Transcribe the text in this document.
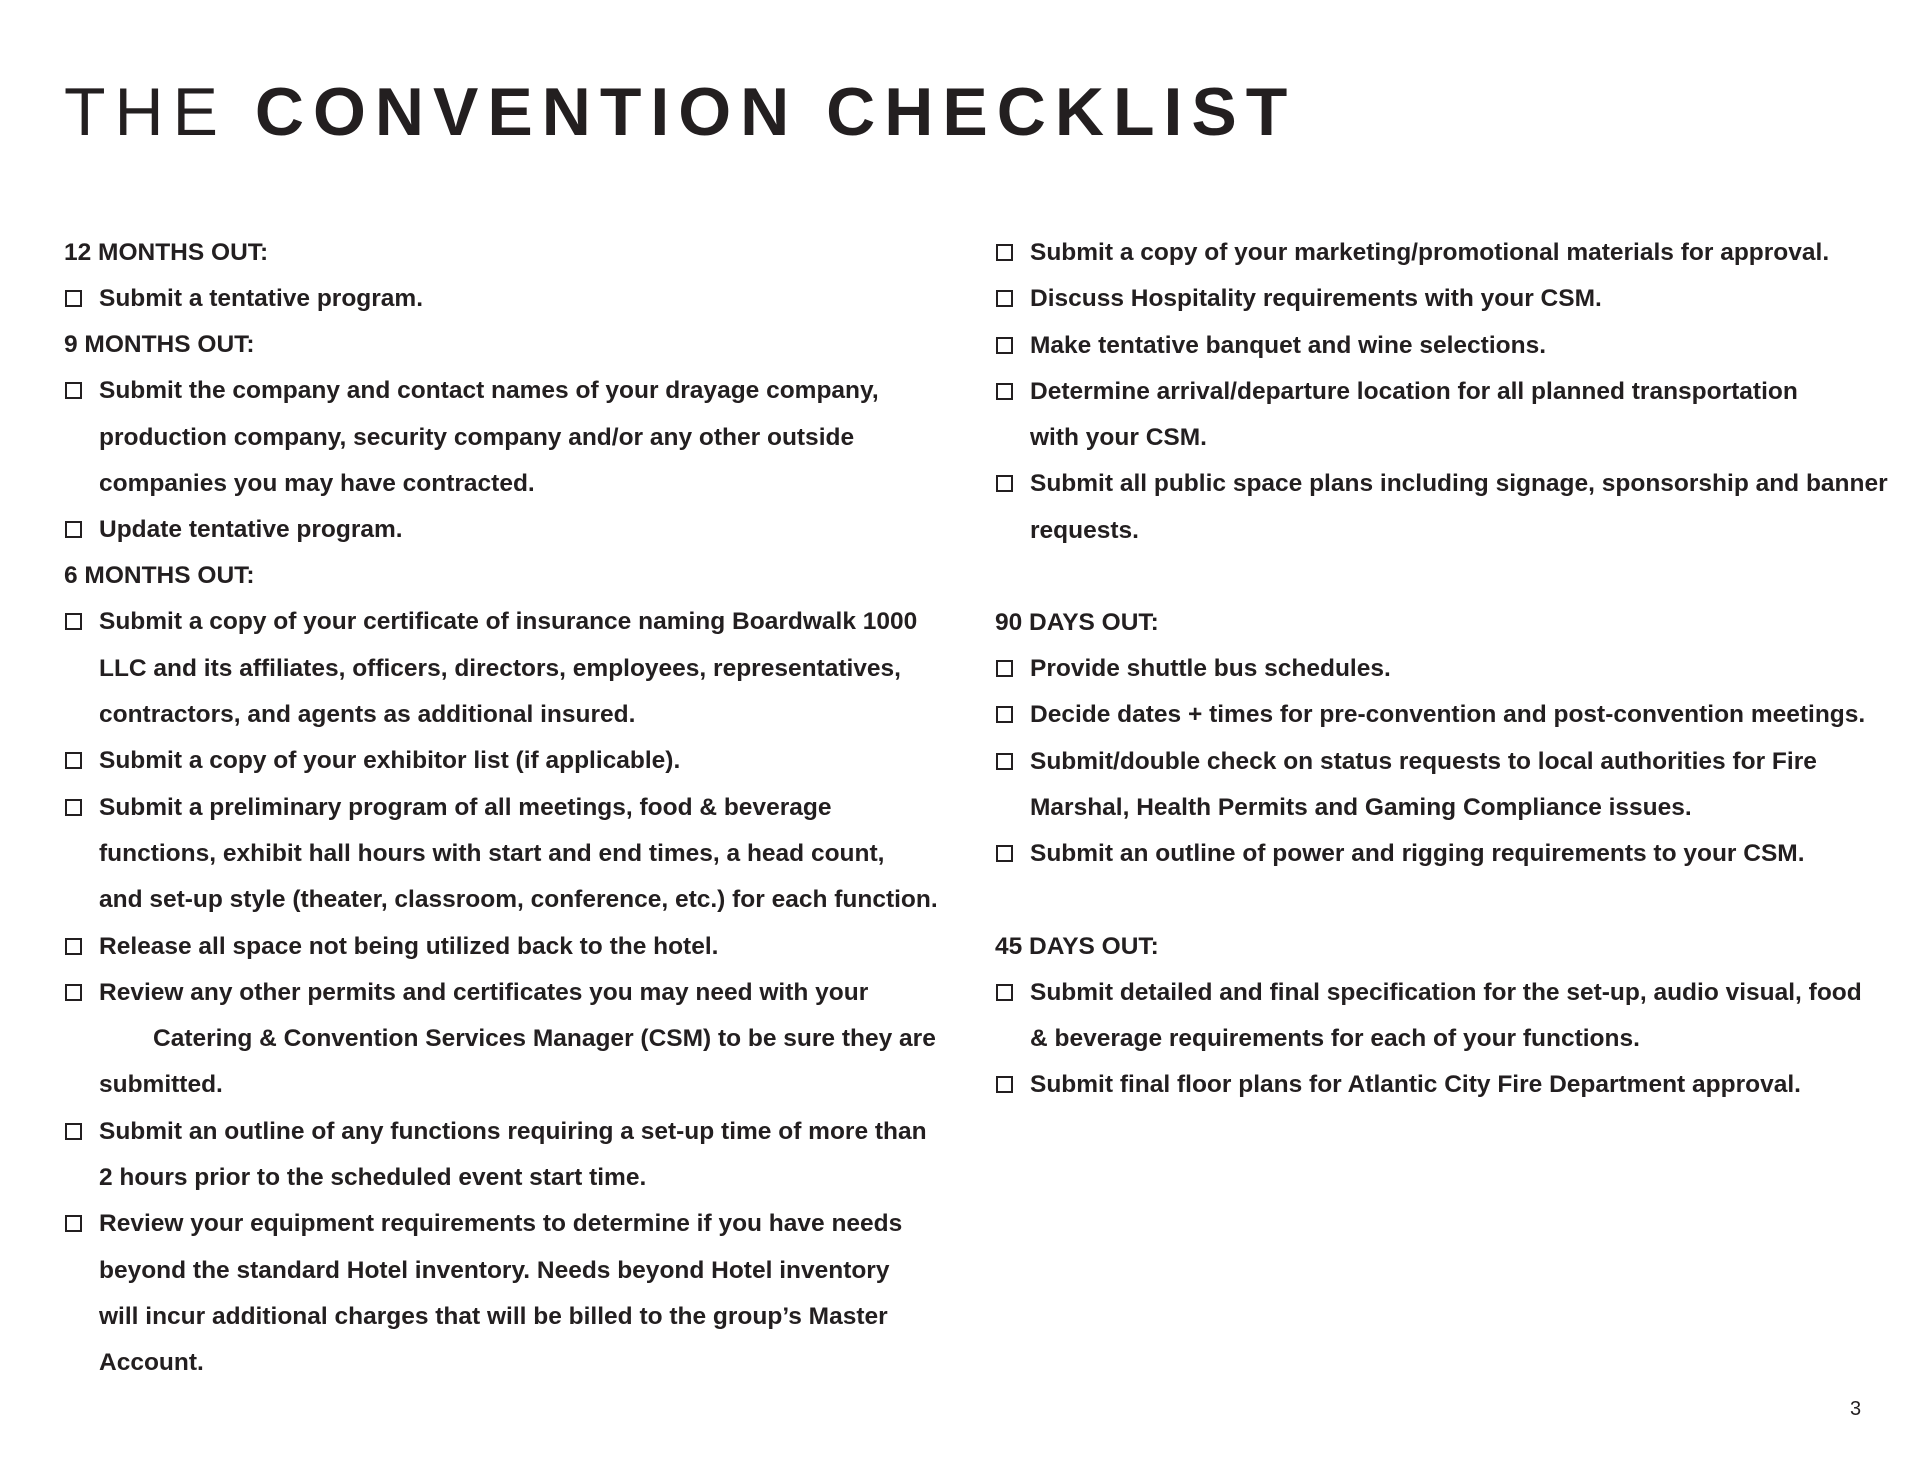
THE CONVENTION CHECKLIST
12 MONTHS OUT:
Submit a tentative program.
9 MONTHS OUT:
Submit the company and contact names of your drayage company,
production company, security company and/or any other outside
companies you may have contracted.
Update tentative program.
6 MONTHS OUT:
Submit a copy of your certificate of insurance naming Boardwalk 1000
LLC and its affiliates, officers, directors, employees, representatives,
contractors, and agents as additional insured.
Submit a copy of your exhibitor list (if applicable).
Submit a preliminary program of all meetings, food & beverage
functions, exhibit hall hours with start and end times, a head count,
and set-up style (theater, classroom, conference, etc.) for each function.
Release all space not being utilized back to the hotel.
Review any other permits and certificates you may need with your
Catering & Convention Services Manager (CSM) to be sure they are
submitted.
Submit an outline of any functions requiring a set-up time of more than
2 hours prior to the scheduled event start time.
Review your equipment requirements to determine if you have needs
beyond the standard Hotel inventory. Needs beyond Hotel inventory
will incur additional charges that will be billed to the group’s Master
Account.
Submit a copy of your marketing/promotional materials for approval.
Discuss Hospitality requirements with your CSM.
Make tentative banquet and wine selections.
Determine arrival/departure location for all planned transportation
with your CSM.
Submit all public space plans including signage, sponsorship and banner
requests.
90 DAYS OUT:
Provide shuttle bus schedules.
Decide dates + times for pre-convention and post-convention meetings.
Submit/double check on status requests to local authorities for Fire
Marshal, Health Permits and Gaming Compliance issues.
Submit an outline of power and rigging requirements to your CSM.
45 DAYS OUT:
Submit detailed and final specification for the set-up, audio visual, food
& beverage requirements for each of your functions.
Submit final floor plans for Atlantic City Fire Department approval.
3
